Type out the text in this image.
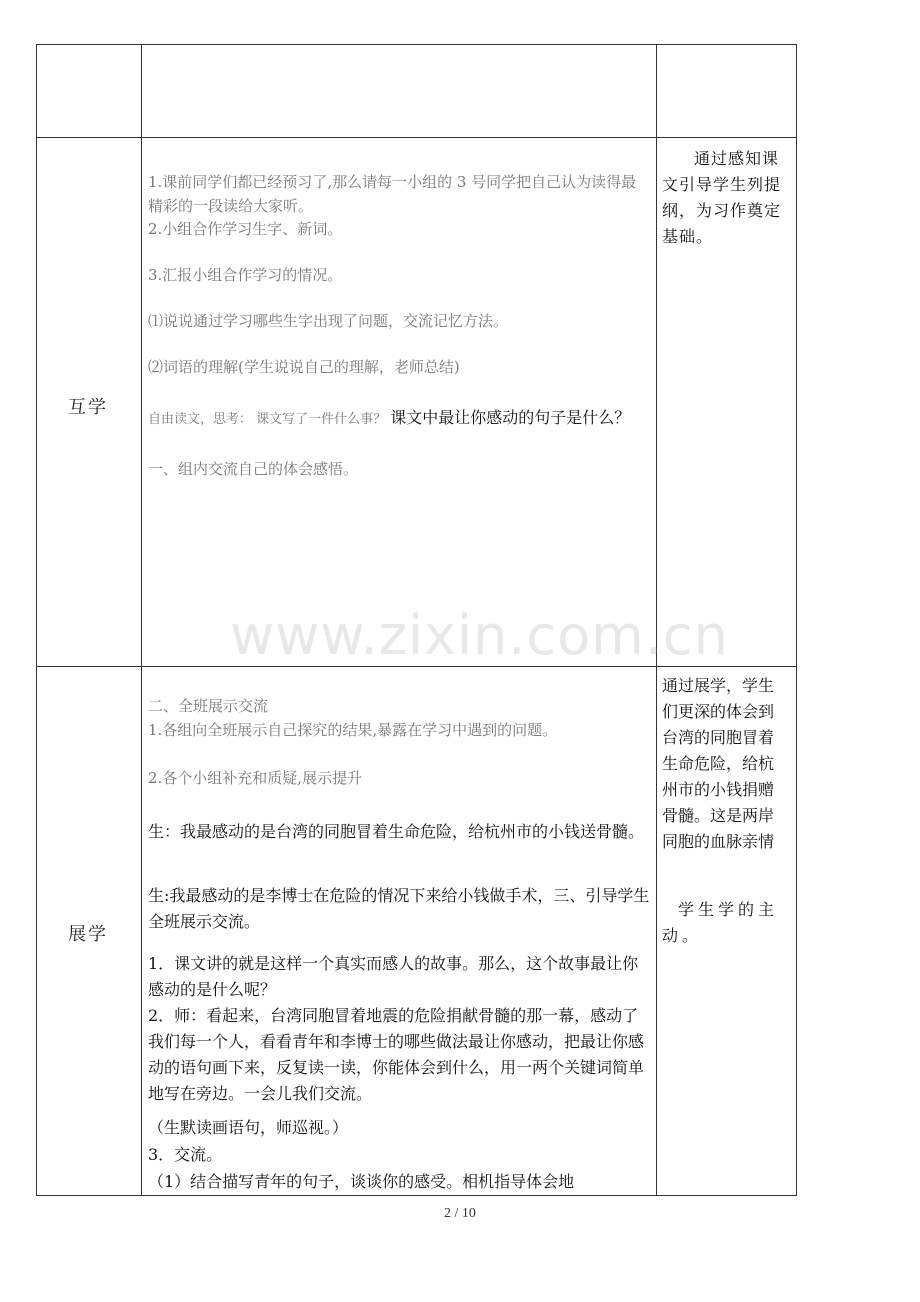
www.zixin.com.cn
互学

1.课前同学们都已经预习了,那么请每一小组的 3 号同学把自己认为读得最精彩的一段读给大家听。

2.小组合作学习生字、新词。

3.汇报小组合作学习的情况。

⑴说说通过学习哪些生字出现了问题，交流记忆方法。

⑵词语的理解(学生说说自己的理解，老师总结)

自由读文，思考： 课文写了一件什么事？ 课文中最让你感动的句子是什么？

一、组内交流自己的体会感悟。

通过感知课文引导学生列提纲，为习作奠定基础。

展学

二、全班展示交流

1.各组向全班展示自己探究的结果,暴露在学习中遇到的问题。

2.各个小组补充和质疑,展示提升

生：我最感动的是台湾的同胞冒着生命危险，给杭州市的小钱送骨髓。

生:我最感动的是李博士在危险的情况下来给小钱做手术，三、引导学生全班展示交流。

1．课文讲的就是这样一个真实而感人的故事。那么，这个故事最让你感动的是什么呢？

2．师：看起来，台湾同胞冒着地震的危险捐献骨髓的那一幕，感动了我们每一个人，看看青年和李博士的哪些做法最让你感动，把最让你感动的语句画下来，反复读一读，你能体会到什么，用一两个关键词简单地写在旁边。一会儿我们交流。

（生默读画语句，师巡视。）

3．交流。

（1）结合描写青年的句子，谈谈你的感受。相机指导体会地

通过展学，学生们更深的体会到台湾的同胞冒着生命危险，给杭州市的小钱捐赠骨髓。这是两岸同胞的血脉亲情

学生学的主动。

2 / 10
